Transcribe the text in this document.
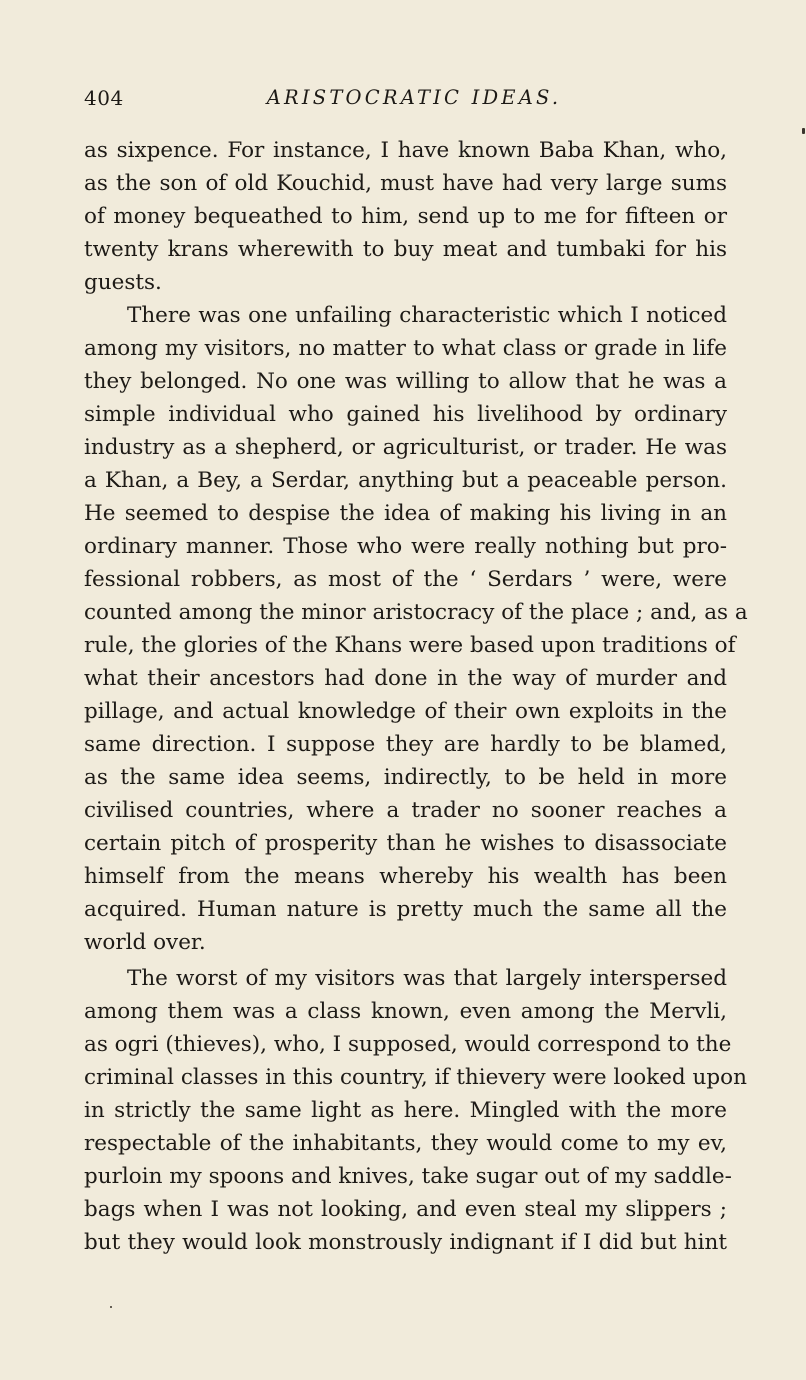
404	ARISTOCRATIC IDEAS.
as sixpence. For instance, I have known Baba Khan, who,
as the son of old Kouchid, must have had very large sums
of money bequeathed to him, send up to me for fifteen or
twenty krans wherewith to buy meat and tumbaki for his
guests.
There was one unfailing characteristic which I noticed
among my visitors, no matter to what class or grade in life
they belonged. No one was willing to allow that he was a
simple individual who gained his livelihood by ordinary
industry as a shepherd, or agriculturist, or trader. He was
a Khan, a Bey, a Serdar, anything but a peaceable person.
He seemed to despise the idea of making his living in an
ordinary manner. Those who were really nothing but pro-
fessional robbers, as most of the ‘ Serdars ’ were, were
counted among the minor aristocracy of the place ; and, as a
rule, the glories of the Khans were based upon traditions of
what their ancestors had done in the way of murder and
pillage, and actual knowledge of their own exploits in the
same direction. I suppose they are hardly to be blamed,
as the same idea seems, indirectly, to be held in more
civilised countries, where a trader no sooner reaches a
certain pitch of prosperity than he wishes to disassociate
himself from the means whereby his wealth has been
acquired. Human nature is pretty much the same all the
world over.
The worst of my visitors was that largely interspersed
among them was a class known, even among the Mervli,
as ogri (thieves), who, I supposed, would correspond to the
criminal classes in this country, if thievery were looked upon
in strictly the same light as here. Mingled with the more
respectable of the inhabitants, they would come to my ev,
purloin my spoons and knives, take sugar out of my saddle-
bags when I was not looking, and even steal my slippers ;
but they would look monstrously indignant if I did but hint
